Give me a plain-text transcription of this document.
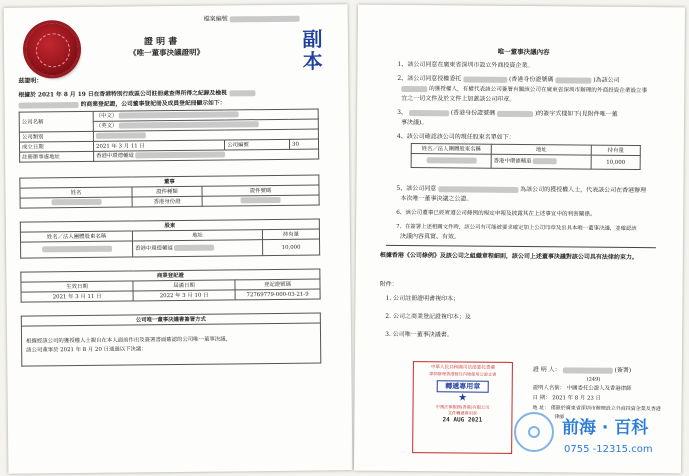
檔案編號
證 明 書
《唯一董事決議證明》	副本
茲證明：
根據於 2021 年 8 月 19 日在香港特別行政區公司註冊處查得所得之紀錄及檢視
的商業登記證，公司董事登記冊及成員登記冊顯示如下：
公司名稱	（中文）		
	（英文）		
公司類別			
成立日期	2021 年 3 月 11 日	公司編號	30
註冊辦事處地址	香港中環德輔道		
董事		
姓名	證件種類	證件號碼
	香港身份證	
股東		
姓名／法人團體股東名稱	地址	持有量
	香港中環德輔道	10,000
商業登記證		
生效日期	屆滿日期	登記證號碼
2021 年 3 月 11 日	2022 年 3 月 10 日	72769779-000-03-21-9
公司唯一董事決議書簽署方式

根據經該公司的獲授權人士親自在本人面前作出及簽署書面確認的公司唯一董事決議，
該公司董事於 2021 年 8 月 20 日通過以下決議：
唯一董事決議內容
1、該公司同意在廣東省深圳市設立外商投資企業。
2、該公司同意授權委托	(香港身份證號碼	)為該公司
的獲授權人，有權代表該公司簽署有關該公司在廣東省深圳市辦理的外商投資企業設立事
宜之一切文件及於文件上加蓋該公司印章。
3、	(香港身份證號碼	)的簽字式樣如下(見附件唯一董
事決議)。
4、該公司確認該公司的現任股東名單如下：
姓名／法人團體股東名稱	地址	持有量
	香港中環德輔道	10,000
5、該公司同意	為該公司的獲授權人士，代表該公司在香港辦理
本次唯一董事決議之公證。
6、該公司董事已經實遵公司條例的規定申報及披露其在上述事宜中的利害關係。
7、在簽署上述相關文件時，該公司有可能被要求確定加上公司印章及出具本唯一董事決議，並確認該
決議內容真實、有效。
根據香港《公司條例》及該公司之組織章程細則，該公司上述董事決議對該公司具有法律約束力。
附件：
1. 公司註冊證明書複印本；
2. 公司之商業登記證複印本；及
3. 公司唯一董事決議書。
中華人民共和國司法部委托香港
律師辦理香港發往內地使用公證文書
轉遞專用章
★
中國法律服務(香港)有限公司
文件轉遞專用章
24 AUG 2021
證 明 人：	(簽署)
(249)
證明人名銜： 中國委托公證人及香港律師
日 期： 2021 年 8 月 23 日
地 址： 僅限於廣東省深圳市辦理設立外商投資企業及香港
律師
前海 · 百科
0755 -12315.com
